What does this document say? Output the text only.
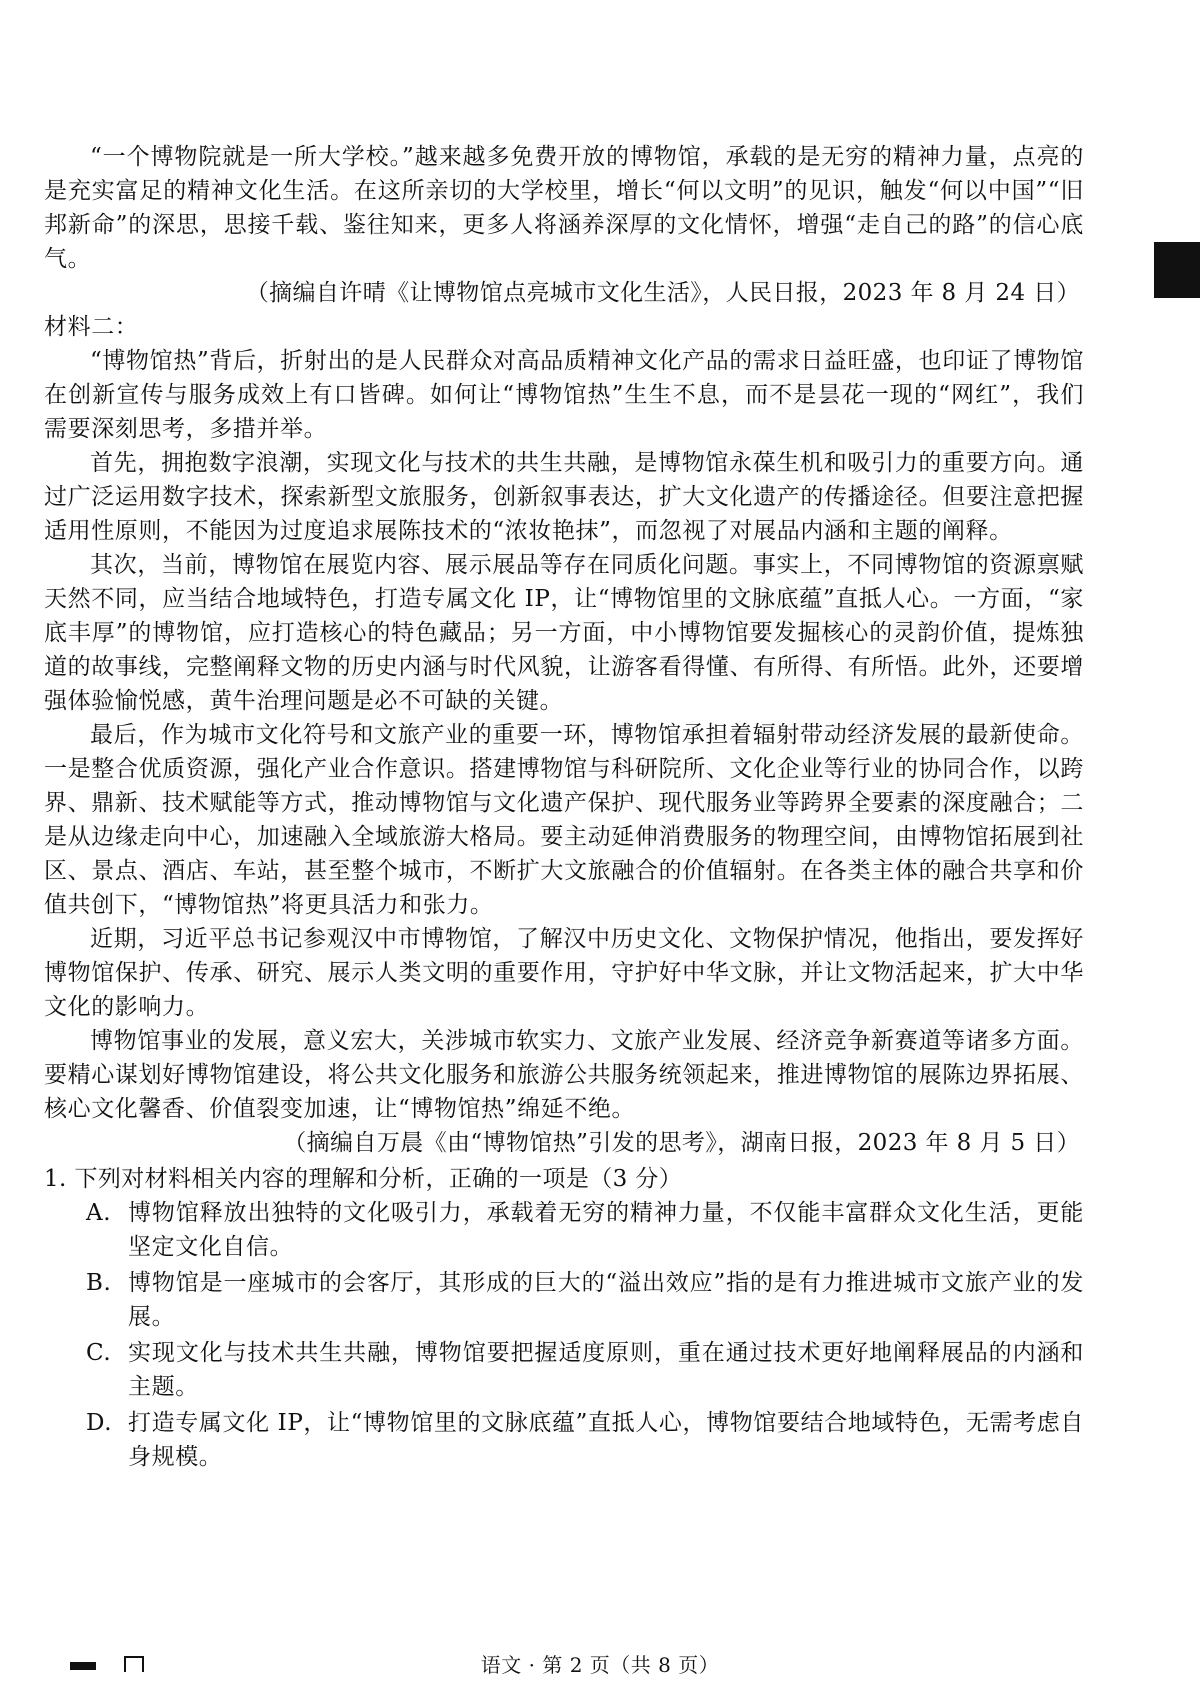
“一个博物院就是一所大学校。”越来越多免费开放的博物馆，承载的是无穷的精神力量，点亮的是充实富足的精神文化生活。在这所亲切的大学校里，增长“何以文明”的见识，触发“何以中国”“旧邦新命”的深思，思接千载、鉴往知来，更多人将涵养深厚的文化情怀，增强“走自己的路”的信心底气。

（摘编自许晴《让博物馆点亮城市文化生活》，人民日报，2023 年 8 月 24 日）

材料二：

“博物馆热”背后，折射出的是人民群众对高品质精神文化产品的需求日益旺盛，也印证了博物馆在创新宣传与服务成效上有口皆碑。如何让“博物馆热”生生不息，而不是昙花一现的“网红”，我们需要深刻思考，多措并举。

首先，拥抱数字浪潮，实现文化与技术的共生共融，是博物馆永葆生机和吸引力的重要方向。通过广泛运用数字技术，探索新型文旅服务，创新叙事表达，扩大文化遗产的传播途径。但要注意把握适用性原则，不能因为过度追求展陈技术的“浓妆艳抹”，而忽视了对展品内涵和主题的阐释。

其次，当前，博物馆在展览内容、展示展品等存在同质化问题。事实上，不同博物馆的资源禀赋天然不同，应当结合地域特色，打造专属文化 IP，让“博物馆里的文脉底蕴”直抵人心。一方面，“家底丰厚”的博物馆，应打造核心的特色藏品；另一方面，中小博物馆要发掘核心的灵韵价值，提炼独道的故事线，完整阐释文物的历史内涵与时代风貌，让游客看得懂、有所得、有所悟。此外，还要增强体验愉悦感，黄牛治理问题是必不可缺的关键。

最后，作为城市文化符号和文旅产业的重要一环，博物馆承担着辐射带动经济发展的最新使命。一是整合优质资源，强化产业合作意识。搭建博物馆与科研院所、文化企业等行业的协同合作，以跨界、鼎新、技术赋能等方式，推动博物馆与文化遗产保护、现代服务业等跨界全要素的深度融合；二是从边缘走向中心，加速融入全域旅游大格局。要主动延伸消费服务的物理空间，由博物馆拓展到社区、景点、酒店、车站，甚至整个城市，不断扩大文旅融合的价值辐射。在各类主体的融合共享和价值共创下，“博物馆热”将更具活力和张力。

近期，习近平总书记参观汉中市博物馆，了解汉中历史文化、文物保护情况，他指出，要发挥好博物馆保护、传承、研究、展示人类文明的重要作用，守护好中华文脉，并让文物活起来，扩大中华文化的影响力。

博物馆事业的发展，意义宏大，关涉城市软实力、文旅产业发展、经济竞争新赛道等诸多方面。要精心谋划好博物馆建设，将公共文化服务和旅游公共服务统领起来，推进博物馆的展陈边界拓展、核心文化馨香、价值裂变加速，让“博物馆热”绵延不绝。

（摘编自万晨《由“博物馆热”引发的思考》，湖南日报，2023 年 8 月 5 日）

1. 下列对材料相关内容的理解和分析，正确的一项是（3 分）

A. 博物馆释放出独特的文化吸引力，承载着无穷的精神力量，不仅能丰富群众文化生活，更能坚定文化自信。
B. 博物馆是一座城市的会客厅，其形成的巨大的“溢出效应”指的是有力推进城市文旅产业的发展。
C. 实现文化与技术共生共融，博物馆要把握适度原则，重在通过技术更好地阐释展品的内涵和主题。
D. 打造专属文化 IP，让“博物馆里的文脉底蕴”直抵人心，博物馆要结合地域特色，无需考虑自身规模。
语文 · 第 2 页（共 8 页）
